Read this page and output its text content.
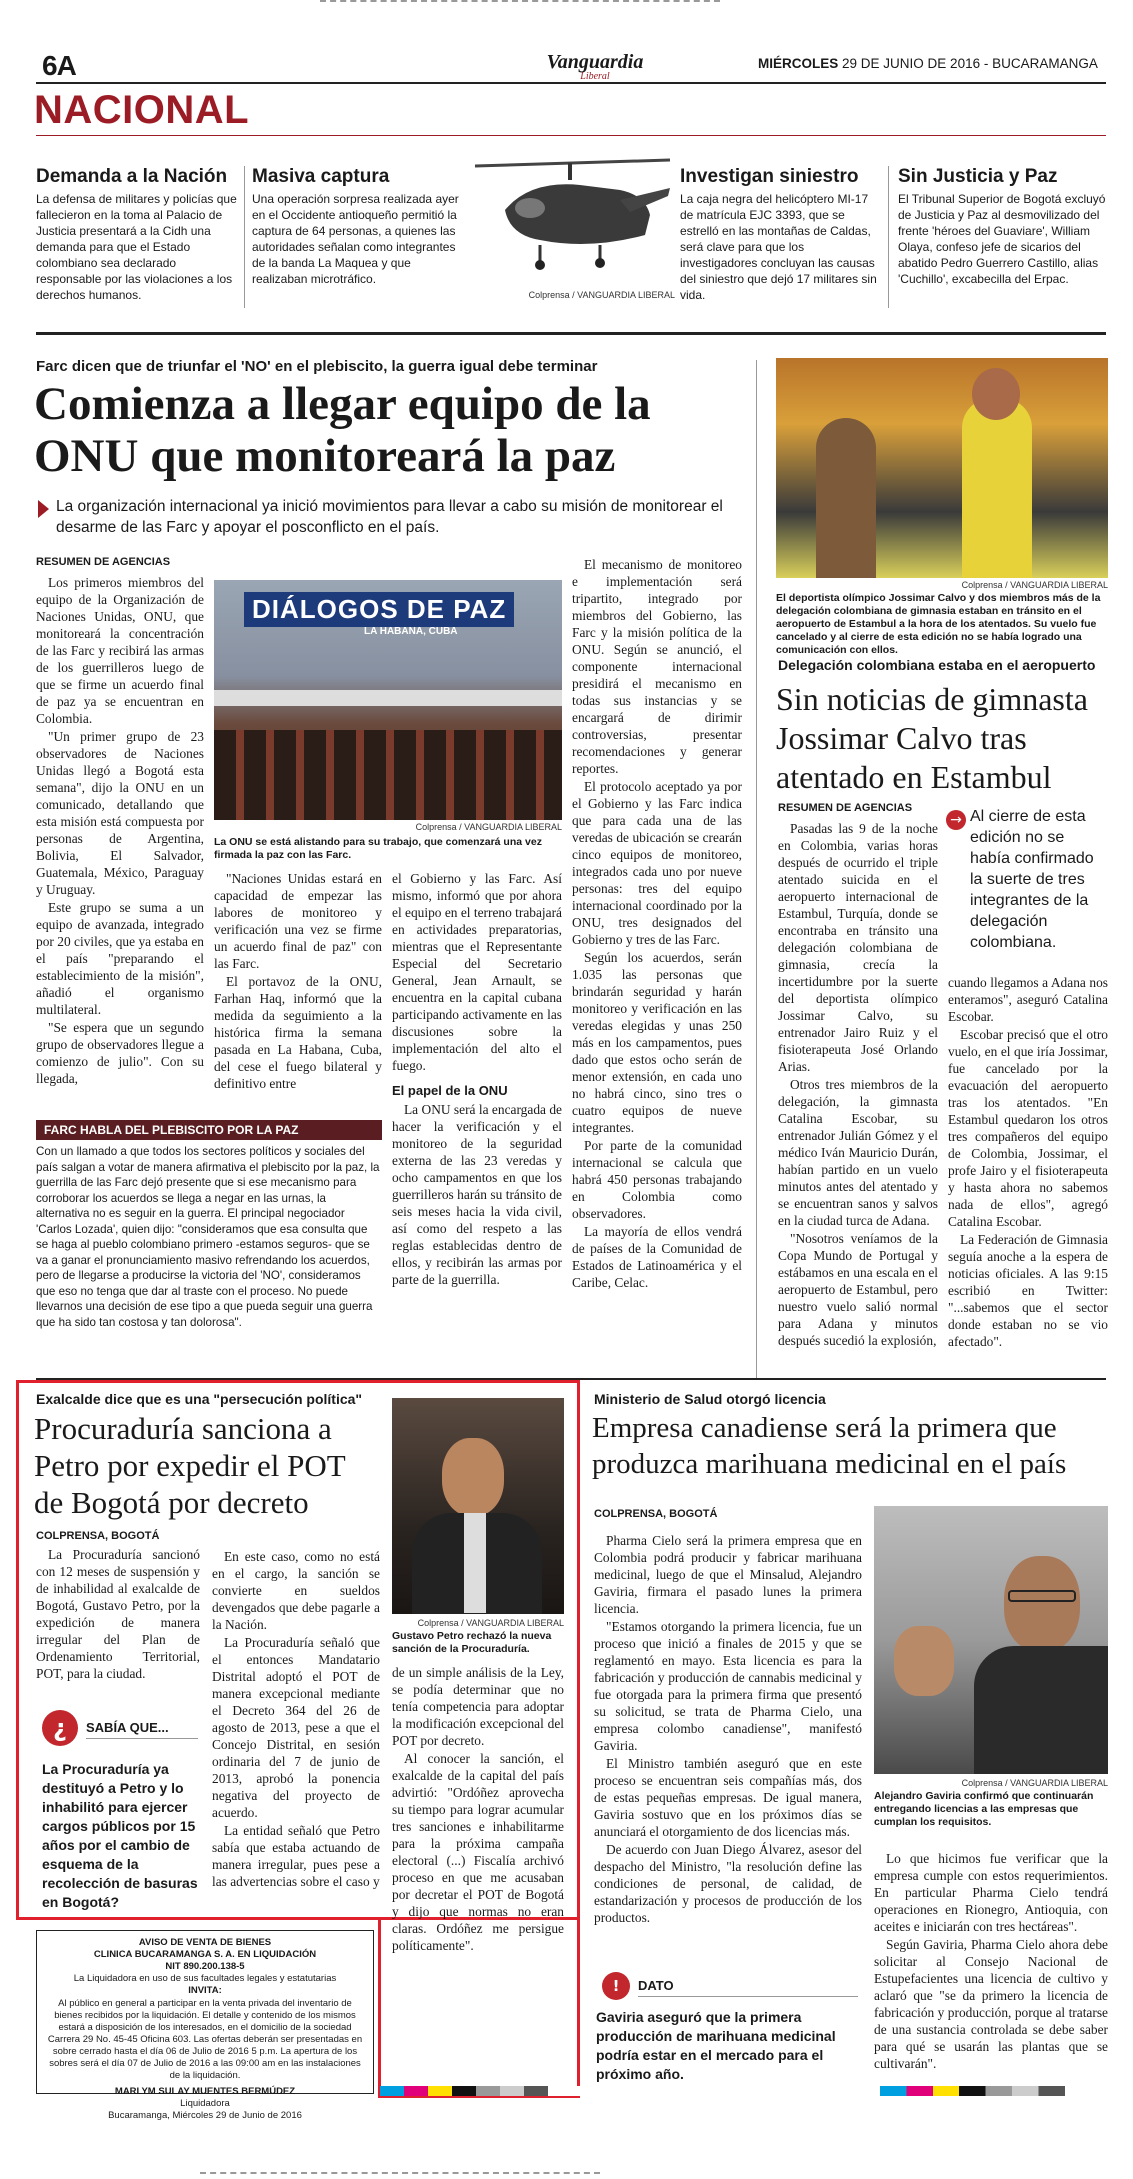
6A	Vanguardia
Liberal
MIÉRCOLES 29 DE JUNIO DE 2016 - BUCARAMANGA
NACIONAL
Demanda a la Nación
La defensa de militares y policías que fallecieron en la toma al Palacio de Justicia presentará a la Cidh una demanda para que el Estado colombiano sea declarado responsable por las violaciones a los derechos humanos.
Masiva captura
Una operación sorpresa realizada ayer en el Occidente antioqueño permitió la captura de 64 personas, a quienes las autoridades señalan como integrantes de la banda La Maquea y que realizaban microtráfico.
Colprensa / VANGUARDIA LIBERAL
Investigan siniestro
La caja negra del helicóptero MI-17 de matrícula EJC 3393, que se estrelló en las montañas de Caldas, será clave para que los investigadores concluyan las causas del siniestro que dejó 17 militares sin vida.
Sin Justicia y Paz
El Tribunal Superior de Bogotá excluyó de Justicia y Paz al desmovilizado del frente 'héroes del Guaviare', William Olaya, confeso jefe de sicarios del abatido Pedro Guerrero Castillo, alias 'Cuchillo', excabecilla del Erpac.
Farc dicen que de triunfar el 'NO' en el plebiscito, la guerra igual debe terminar
Comienza a llegar equipo de la
ONU que monitoreará la paz
La organización internacional ya inició movimientos para llevar a cabo su misión de monitorear el desarme de las Farc y apoyar el posconflicto en el país.
RESUMEN DE AGENCIAS

Los primeros miembros del equipo de la Organización de Naciones Unidas, ONU, que monitoreará la concentración de las Farc y recibirá las armas de los guerrilleros luego de que se firme un acuerdo final de paz ya se encuentran en Colombia.

"Un primer grupo de 23 observadores de Naciones Unidas llegó a Bogotá esta semana", dijo la ONU en un comunicado, detallando que esta misión está compuesta por personas de Argentina, Bolivia, El Salvador, Guatemala, México, Paraguay y Uruguay.

Este grupo se suma a un equipo de avanzada, integrado por 20 civiles, que ya estaba en el país "preparando el establecimiento de la misión", añadió el organismo multilateral.

"Se espera que un segundo grupo de observadores llegue a comienzo de julio". Con su llegada,

DIÁLOGOS DE PAZ
LA HABANA, CUBA
Colprensa / VANGUARDIA LIBERAL
La ONU se está alistando para su trabajo, que comenzará una vez firmada la paz con las Farc.

El mecanismo de monitoreo e implementación será tripartito, integrado por miembros del Gobierno, las Farc y la misión política de la ONU. Según se anunció, el componente internacional presidirá el mecanismo en todas sus instancias y se encargará de dirimir controversias, presentar recomendaciones y generar reportes.

El protocolo aceptado ya por el Gobierno y las Farc indica que para cada una de las veredas de ubicación se crearán cinco equipos de monitoreo, integrados cada uno por nueve personas: tres del equipo internacional coordinado por la ONU, tres designados del Gobierno y tres de las Farc.

Según los acuerdos, serán 1.035 las personas que brindarán seguridad y harán monitoreo y verificación en las veredas elegidas y unas 250 más en los campamentos, pues dado que estos ocho serán de menor extensión, en cada uno no habrá cinco, sino tres o cuatro equipos de nueve integrantes.

Por parte de la comunidad internacional se calcula que habrá 450 personas trabajando en Colombia como observadores.

La mayoría de ellos vendrá de países de la Comunidad de Estados de Latinoamérica y el Caribe, Celac.

"Naciones Unidas estará en capacidad de empezar las labores de monitoreo y verificación una vez se firme un acuerdo final de paz" con las Farc.

El portavoz de la ONU, Farhan Haq, informó que la medida da seguimiento a la histórica firma la semana pasada en La Habana, Cuba, del cese el fuego bilateral y definitivo entre

el Gobierno y las Farc. Así mismo, informó que por ahora el equipo en el terreno trabajará en actividades preparatorias, mientras que el Representante Especial del Secretario General, Jean Arnault, se encuentra en la capital cubana participando activamente en las discusiones sobre la implementación del alto el fuego.

El papel de la ONU

La ONU será la encargada de hacer la verificación y el monitoreo de la seguridad externa de las 23 veredas y ocho campamentos en que los guerrilleros harán su tránsito de seis meses hacia la vida civil, así como del respeto a las reglas establecidas dentro de ellos, y recibirán las armas por parte de la guerrilla.

FARC HABLA DEL PLEBISCITO POR LA PAZ
Con un llamado a que todos los sectores políticos y sociales del país salgan a votar de manera afirmativa el plebiscito por la paz, la guerrilla de las Farc dejó presente que si ese mecanismo para corroborar los acuerdos se llega a negar en las urnas, la alternativa no es seguir en la guerra. El principal negociador 'Carlos Lozada', quien dijo: "consideramos que esa consulta que se haga al pueblo colombiano primero -estamos seguros- que se va a ganar el pronunciamiento masivo refrendando los acuerdos, pero de llegarse a producirse la victoria del 'NO', consideramos que eso no tenga que dar al traste con el proceso. No puede llevarnos una decisión de ese tipo a que pueda seguir una guerra que ha sido tan costosa y tan dolorosa".
Colprensa / VANGUARDIA LIBERAL
El deportista olímpico Jossimar Calvo y dos miembros más de la delegación colombiana de gimnasia estaban en tránsito en el aeropuerto de Estambul a la hora de los atentados. Su vuelo fue cancelado y al cierre de esta edición no se había logrado una comunicación con ellos.
Delegación colombiana estaba en el aeropuerto
Sin noticias de gimnasta
Jossimar Calvo tras
atentado en Estambul
RESUMEN DE AGENCIAS

Pasadas las 9 de la noche en Colombia, varias horas después de ocurrido el triple atentado suicida en el aeropuerto internacional de Estambul, Turquía, donde se encontraba en tránsito una delegación colombiana de gimnasia, crecía la incertidumbre por la suerte del deportista olímpico Jossimar Calvo, su entrenador Jairo Ruiz y el fisioterapeuta José Orlando Arias.

Otros tres miembros de la delegación, la gimnasta Catalina Escobar, su entrenador Julián Gómez y el médico Iván Mauricio Durán, habían partido en un vuelo minutos antes del atentado y se encuentran sanos y salvos en la ciudad turca de Adana.

"Nosotros veníamos de la Copa Mundo de Portugal y estábamos en una escala en el aeropuerto de Estambul, pero nuestro vuelo salió normal para Adana y minutos después sucedió la explosión,

→ Al cierre de esta edición no se había confirmado la suerte de tres integrantes de la delegación colombiana.

cuando llegamos a Adana nos enteramos", aseguró Catalina Escobar.

Escobar precisó que el otro vuelo, en el que iría Jossimar, fue cancelado por la evacuación del aeropuerto tras los atentados. "En Estambul quedaron los otros tres compañeros del equipo de Colombia, Jossimar, el profe Jairo y el fisioterapeuta y hasta ahora no sabemos nada de ellos", agregó Catalina Escobar.

La Federación de Gimnasia seguía anoche a la espera de noticias oficiales. A las 9:15 escribió en Twitter: "...sabemos que el sector donde estaban no se vio afectado".

Exalcalde dice que es una "persecución política"
Procuraduría sanciona a
Petro por expedir el POT
de Bogotá por decreto
COLPRENSA, BOGOTÁ

La Procuraduría sancionó con 12 meses de suspensión y de inhabilidad al exalcalde de Bogotá, Gustavo Petro, por la expedición de manera irregular del Plan de Ordenamiento Territorial, POT, para la ciudad.

En este caso, como no está en el cargo, la sanción se convierte en sueldos devengados que debe pagarle a la Nación.

La Procuraduría señaló que el entonces Mandatario Distrital adoptó el POT de manera excepcional mediante el Decreto 364 del 26 de agosto de 2013, pese a que el Concejo Distrital, en sesión ordinaria del 7 de junio de 2013, aprobó la ponencia negativa del proyecto de acuerdo.

La entidad señaló que Petro sabía que estaba actuando de manera irregular, pues pese a las advertencias sobre el caso y

Colprensa / VANGUARDIA LIBERAL
Gustavo Petro rechazó la nueva sanción de la Procuraduría.

de un simple análisis de la Ley, se podía determinar que no tenía competencia para adoptar la modificación excepcional del POT por decreto.

Al conocer la sanción, el exalcalde de la capital del país advirtió: "Ordóñez aprovecha su tiempo para lograr acumular tres sanciones e inhabilitarme para la próxima campaña electoral (...) Fiscalía archivó proceso en que me acusaban por decretar el POT de Bogotá y dijo que normas no eran claras. Ordóñez me persigue políticamente".

¿	SABÍA QUE...
La Procuraduría ya destituyó a Petro y lo inhabilitó para ejercer cargos públicos por 15 años por el cambio de esquema de la recolección de basuras en Bogotá?
AVISO DE VENTA DE BIENES
CLINICA BUCARAMANGA S. A. EN LIQUIDACIÓN
NIT 890.200.138-5
La Liquidadora en uso de sus facultades legales y estatutarias
INVITA:
Al público en general a participar en la venta privada del inventario de bienes recibidos por la liquidación. El detalle y contenido de los mismos estará a disposición de los interesados, en el domicilio de la sociedad Carrera 29 No. 45-45 Oficina 603. Las ofertas deberán ser presentadas en sobre cerrado hasta el día 06 de Julio de 2016 5 p.m. La apertura de los sobres será el día 07 de Julio de 2016 a las 09:00 am en las instalaciones de la liquidación.
MARLYM SULAY MUENTES BERMÚDEZ
Liquidadora
Bucaramanga, Miércoles 29 de Junio de 2016
Ministerio de Salud otorgó licencia
Empresa canadiense será la primera que
produzca marihuana medicinal en el país
COLPRENSA, BOGOTÁ

Pharma Cielo será la primera empresa que en Colombia podrá producir y fabricar marihuana medicinal, luego de que el Minsalud, Alejandro Gaviria, firmara el pasado lunes la primera licencia.

"Estamos otorgando la primera licencia, fue un proceso que inició a finales de 2015 y que se reglamentó en mayo. Esta licencia es para la fabricación y producción de cannabis medicinal y fue otorgada para la primera firma que presentó su solicitud, se trata de Pharma Cielo, una empresa colombo canadiense", manifestó Gaviria.

El Ministro también aseguró que en este proceso se encuentran seis compañías más, dos de estas pequeñas empresas. De igual manera, Gaviria sostuvo que en los próximos días se anunciará el otorgamiento de dos licencias más.

De acuerdo con Juan Diego Álvarez, asesor del despacho del Ministro, "la resolución define las condiciones de personal, de calidad, de estandarización y procesos de producción de los productos.

Colprensa / VANGUARDIA LIBERAL
Alejandro Gaviria confirmó que continuarán entregando licencias a las empresas que cumplan los requisitos.

Lo que hicimos fue verificar que la empresa cumple con estos requerimientos. En particular Pharma Cielo tendrá operaciones en Rionegro, Antioquia, con aceites e iniciarán con tres hectáreas".

Según Gaviria, Pharma Cielo ahora debe solicitar al Consejo Nacional de Estupefacientes una licencia de cultivo y aclaró que "se da primero la licencia de fabricación y producción, porque al tratarse de una sustancia controlada se debe saber para qué se usarán las plantas que se cultivarán".

!	DATO
Gaviria aseguró que la primera producción de marihuana medicinal podría estar en el mercado para el próximo año.
